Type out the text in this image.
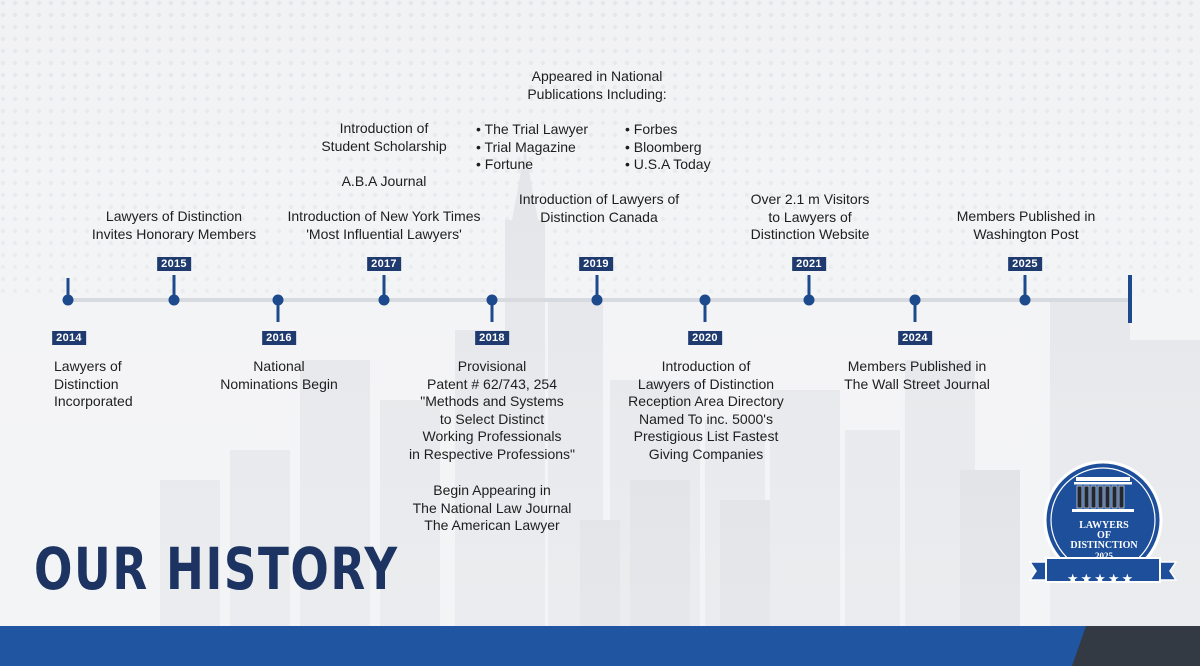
2014
Lawyers of
Distinction
Incorporated
2015
Lawyers of Distinction
Invites Honorary Members
2016
National
Nominations Begin
2017
Introduction of New York Times
'Most Influential Lawyers'
Introduction of
Student Scholarship
A.B.A Journal
2018
Provisional
Patent # 62/743, 254
"Methods and Systems
to Select Distinct
Working Professionals
in Respective Professions"
Begin Appearing in
The National Law Journal
The American Lawyer
2019
Introduction of Lawyers of
Distinction Canada
Appeared in National
Publications Including:
• The Trial Lawyer
• Trial Magazine
• Fortune
• Forbes
• Bloomberg
• U.S.A Today
2020
Introduction of
Lawyers of Distinction
Reception Area Directory
Named To inc. 5000's
Prestigious List Fastest
Giving Companies
2021
Over 2.1 m Visitors
to Lawyers of
Distinction Website
2024
Members Published in
The Wall Street Journal
2025
Members Published in
Washington Post
OUR HISTORY
LAWYERS
OF
DISTINCTION
2025
★★★★★
